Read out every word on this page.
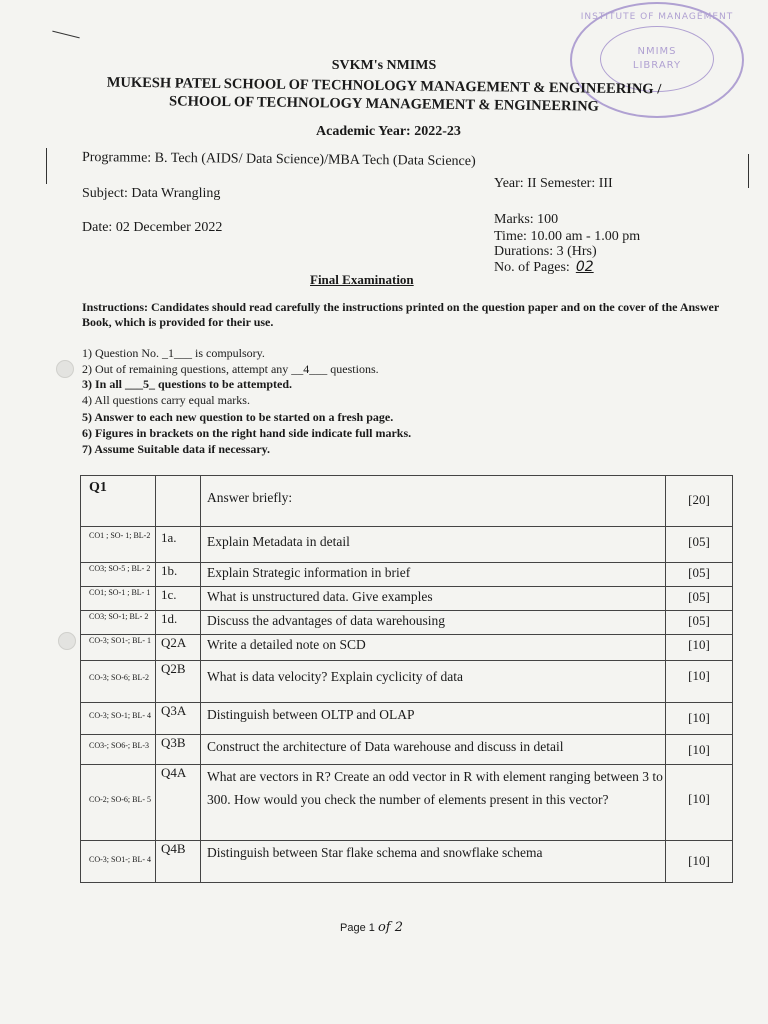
INSTITUTE OF MANAGEMENT
NMIMS
LIBRARY
SVKM's NMIMS
MUKESH PATEL SCHOOL OF TECHNOLOGY MANAGEMENT & ENGINEERING /
SCHOOL OF TECHNOLOGY MANAGEMENT & ENGINEERING
Academic Year: 2022-23
Programme: B. Tech (AIDS/ Data Science)/MBA Tech (Data Science)
Year: II Semester: III
Subject: Data Wrangling
Date: 02 December 2022
Marks: 100
Time: 10.00 am - 1.00 pm
Durations: 3 (Hrs)
No. of Pages: 02
Final Examination
Instructions: Candidates should read carefully the instructions printed on the question paper and on the cover of the Answer Book, which is provided for their use.
1) Question No. _1___ is compulsory.
2) Out of remaining questions, attempt any __4___ questions.
3) In all ___5_ questions to be attempted.
4) All questions carry equal marks.
5) Answer to each new question to be started on a fresh page.
6) Figures in brackets on the right hand side indicate full marks.
7) Assume Suitable data if necessary.
Q1		Answer briefly:	[20]

CO1 ; SO- 1; BL-2	1a.	Explain Metadata in detail	[05]

CO3; SO-5 ; BL- 2	1b.	Explain Strategic information in brief	[05]

CO1; SO-1 ; BL- 1	1c.	What is unstructured data. Give examples	[05]

CO3; SO-1; BL- 2	1d.	Discuss the advantages of data warehousing	[05]

CO-3; SO1-; BL- 1	Q2A	Write a detailed note on SCD	[10]

CO-3; SO-6; BL-2	Q2B	What is data velocity? Explain cyclicity of data	[10]

CO-3; SO-1; BL- 4	Q3A	Distinguish between OLTP and OLAP	[10]

CO3-; SO6-; BL-3	Q3B	Construct the architecture of Data warehouse and discuss in detail	[10]

CO-2; SO-6; BL- 5	Q4A	What are vectors in R? Create an odd vector in R with element ranging between 3 to 300. How would you check the number of elements present in this vector?	[10]

CO-3; SO1-; BL- 4	Q4B	Distinguish between Star flake schema and snowflake schema	[10]
Page 1 of 2
